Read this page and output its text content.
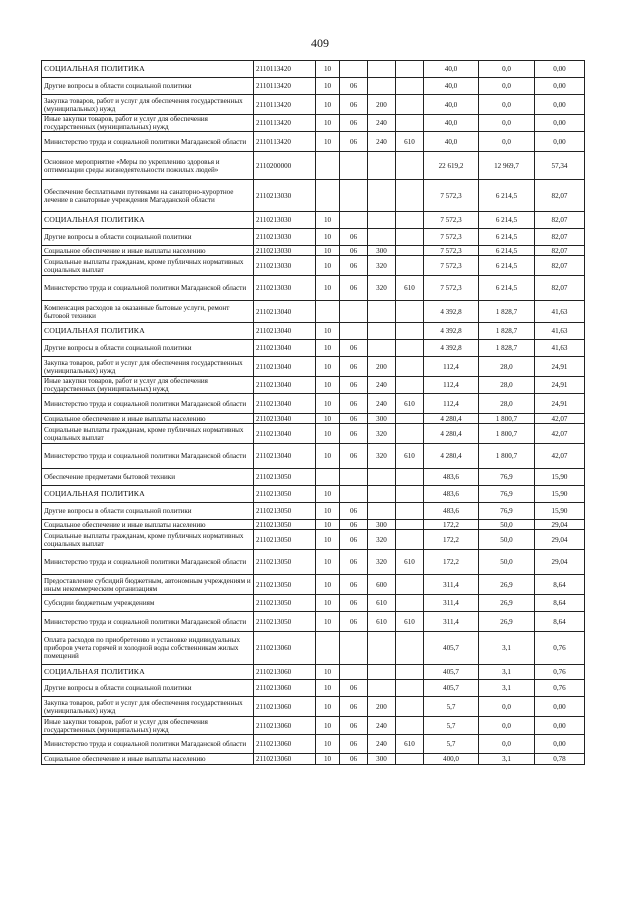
409
СОЦИАЛЬНАЯ ПОЛИТИКА	2110113420	10				40,0	0,0	0,00
Другие вопросы в области социальной политики	2110113420	10	06			40,0	0,0	0,00
Закупка товаров, работ и услуг для обеспечения государственных (муниципальных) нужд	2110113420	10	06	200		40,0	0,0	0,00
Иные закупки товаров, работ и услуг для обеспечения государственных (муниципальных) нужд	2110113420	10	06	240		40,0	0,0	0,00
Министерство труда и социальной политики Магаданской области	2110113420	10	06	240	610	40,0	0,0	0,00
Основное мероприятие «Меры по укреплению здоровья и оптимизации среды жизнедеятельности пожилых людей»	2110200000					22 619,2	12 969,7	57,34
Обеспечение бесплатными путевками на санаторно-курортное лечение в санаторные учреждения Магаданской области	2110213030					7 572,3	6 214,5	82,07
СОЦИАЛЬНАЯ ПОЛИТИКА	2110213030	10				7 572,3	6 214,5	82,07
Другие вопросы в области социальной политики	2110213030	10	06			7 572,3	6 214,5	82,07
Социальное обеспечение и иные выплаты населению	2110213030	10	06	300		7 572,3	6 214,5	82,07
Социальные выплаты гражданам, кроме публичных нормативных социальных выплат	2110213030	10	06	320		7 572,3	6 214,5	82,07
Министерство труда и социальной политики Магаданской области	2110213030	10	06	320	610	7 572,3	6 214,5	82,07
Компенсация расходов за оказанные бытовые услуги, ремонт бытовой техники	2110213040					4 392,8	1 828,7	41,63
СОЦИАЛЬНАЯ ПОЛИТИКА	2110213040	10				4 392,8	1 828,7	41,63
Другие вопросы в области социальной политики	2110213040	10	06			4 392,8	1 828,7	41,63
Закупка товаров, работ и услуг для обеспечения государственных (муниципальных) нужд	2110213040	10	06	200		112,4	28,0	24,91
Иные закупки товаров, работ и услуг для обеспечения государственных (муниципальных) нужд	2110213040	10	06	240		112,4	28,0	24,91
Министерство труда и социальной политики Магаданской области	2110213040	10	06	240	610	112,4	28,0	24,91
Социальное обеспечение и иные выплаты населению	2110213040	10	06	300		4 280,4	1 800,7	42,07
Социальные выплаты гражданам, кроме публичных нормативных социальных выплат	2110213040	10	06	320		4 280,4	1 800,7	42,07
Министерство труда и социальной политики Магаданской области	2110213040	10	06	320	610	4 280,4	1 800,7	42,07
Обеспечение предметами бытовой техники	2110213050					483,6	76,9	15,90
СОЦИАЛЬНАЯ ПОЛИТИКА	2110213050	10				483,6	76,9	15,90
Другие вопросы в области социальной политики	2110213050	10	06			483,6	76,9	15,90
Социальное обеспечение и иные выплаты населению	2110213050	10	06	300		172,2	50,0	29,04
Социальные выплаты гражданам, кроме публичных нормативных социальных выплат	2110213050	10	06	320		172,2	50,0	29,04
Министерство труда и социальной политики Магаданской области	2110213050	10	06	320	610	172,2	50,0	29,04
Предоставление субсидий бюджетным, автономным учреждениям и иным некоммерческим организациям	2110213050	10	06	600		311,4	26,9	8,64
Субсидии бюджетным учреждениям	2110213050	10	06	610		311,4	26,9	8,64
Министерство труда и социальной политики Магаданской области	2110213050	10	06	610	610	311,4	26,9	8,64
Оплата расходов по приобретению и установке индивидуальных приборов учета горячей и холодной воды собственникам жилых помещений	2110213060					405,7	3,1	0,76
СОЦИАЛЬНАЯ ПОЛИТИКА	2110213060	10				405,7	3,1	0,76
Другие вопросы в области социальной политики	2110213060	10	06			405,7	3,1	0,76
Закупка товаров, работ и услуг для обеспечения государственных (муниципальных) нужд	2110213060	10	06	200		5,7	0,0	0,00
Иные закупки товаров, работ и услуг для обеспечения государственных (муниципальных) нужд	2110213060	10	06	240		5,7	0,0	0,00
Министерство труда и социальной политики Магаданской области	2110213060	10	06	240	610	5,7	0,0	0,00
Социальное обеспечение и иные выплаты населению	2110213060	10	06	300		400,0	3,1	0,78
